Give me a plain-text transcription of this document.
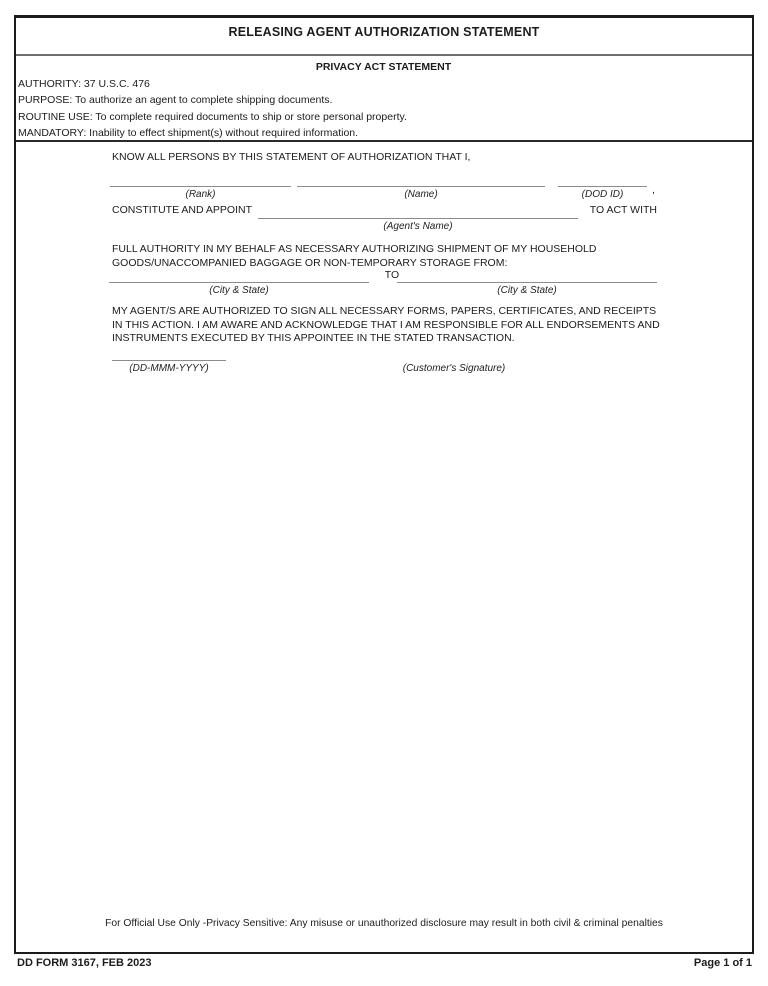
RELEASING AGENT AUTHORIZATION STATEMENT
PRIVACY ACT STATEMENT
AUTHORITY: 37 U.S.C. 476
PURPOSE: To authorize an agent to complete shipping documents.
ROUTINE USE: To complete required documents to ship or store personal property.
MANDATORY: Inability to effect shipment(s) without required information.
KNOW ALL PERSONS BY THIS STATEMENT OF AUTHORIZATION THAT I,
(Rank)	(Name)	(DOD ID)	,
CONSTITUTE AND APPOINT
(Agent's Name)
TO ACT WITH
FULL AUTHORITY IN MY BEHALF AS NECESSARY AUTHORIZING SHIPMENT OF MY HOUSEHOLD
GOODS/UNACCOMPANIED BAGGAGE OR NON-TEMPORARY STORAGE FROM:
(City & State)
TO
(City & State)
MY AGENT/S ARE AUTHORIZED TO SIGN ALL NECESSARY FORMS, PAPERS, CERTIFICATES, AND RECEIPTS
IN THIS ACTION. I AM AWARE AND ACKNOWLEDGE THAT I AM RESPONSIBLE FOR ALL ENDORSEMENTS AND
INSTRUMENTS EXECUTED BY THIS APPOINTEE IN THE STATED TRANSACTION.
(DD-MMM-YYYY)	(Customer's Signature)
For Official Use Only -Privacy Sensitive: Any misuse or unauthorized disclosure may result in both civil & criminal penalties
DD FORM 3167, FEB 2023	Page 1 of 1
